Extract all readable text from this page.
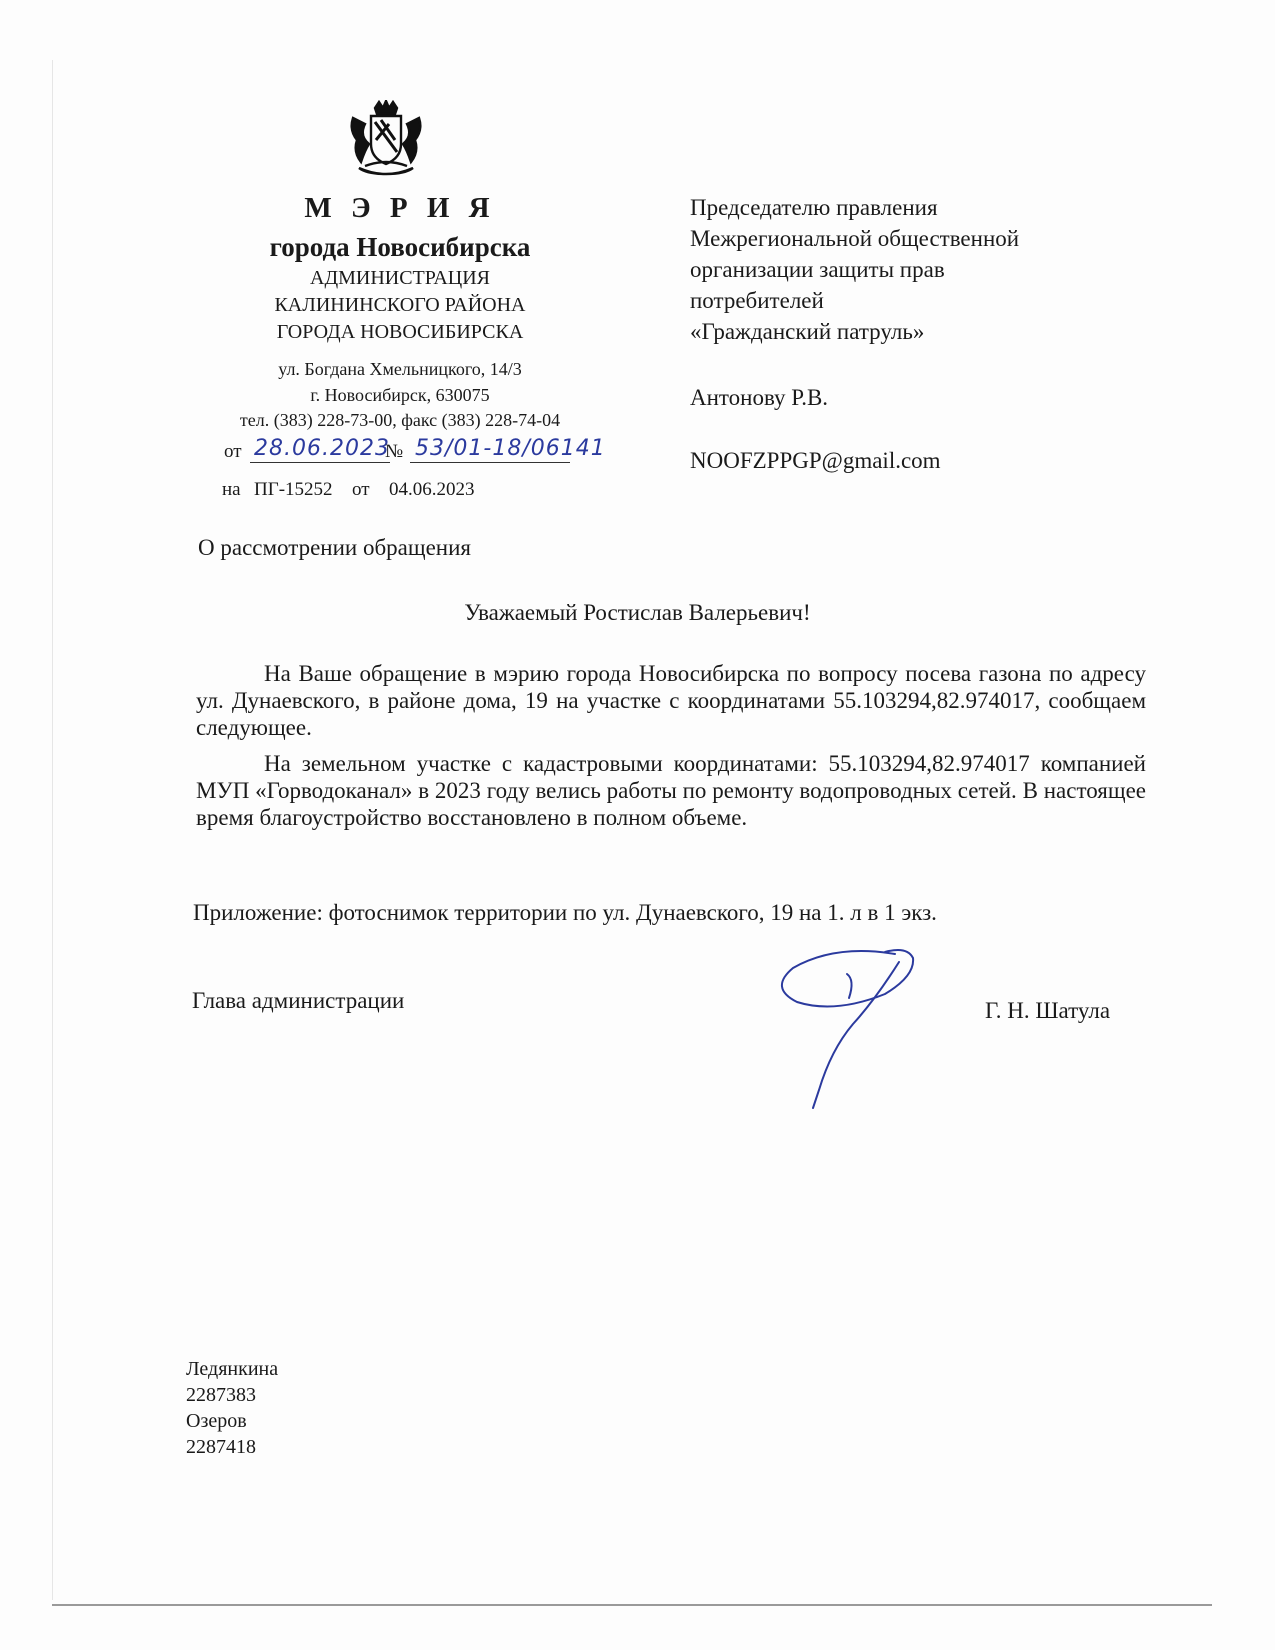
М Э Р И Я
города Новосибирска
АДМИНИСТРАЦИЯ
КАЛИНИНСКОГО РАЙОНА
ГОРОДА НОВОСИБИРСКА
ул. Богдана Хмельницкого, 14/3
г. Новосибирск, 630075
тел. (383) 228-73-00, факс (383) 228-74-04
от 28.06.2023
№ 53/01-18/06141
на ПГ-15252 от 04.06.2023
Председателю правления
Межрегиональной общественной
организации защиты прав
потребителей
«Гражданский патруль»
Антонову Р.В.
NOOFZPPGP@gmail.com
О рассмотрении обращения
Уважаемый Ростислав Валерьевич!
На Ваше обращение в мэрию города Новосибирска по вопросу посева газона по адресу ул. Дунаевского, в районе дома, 19 на участке с координатами 55.103294,82.974017, сообщаем следующее.
На земельном участке с кадастровыми координатами: 55.103294,82.974017 компанией МУП «Горводоканал» в 2023 году велись работы по ремонту водопроводных сетей. В настоящее время благоустройство восстановлено в полном объеме.
Приложение: фотоснимок территории по ул. Дунаевского, 19 на 1. л в 1 экз.
Глава администрации	Г. Н. Шатула
Ледянкина
2287383
Озеров
2287418
